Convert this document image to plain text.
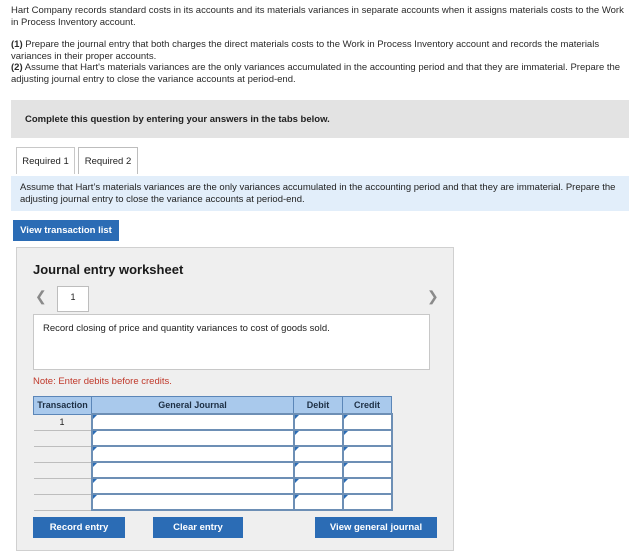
Hart Company records standard costs in its accounts and its materials variances in separate accounts when it assigns materials costs to the Work in Process Inventory account.

(1) Prepare the journal entry that both charges the direct materials costs to the Work in Process Inventory account and records the materials variances in their proper accounts.

(2) Assume that Hart's materials variances are the only variances accumulated in the accounting period and that they are immaterial. Prepare the adjusting journal entry to close the variance accounts at period-end.

Complete this question by entering your answers in the tabs below.
Required 1	Required 2
Assume that Hart’s materials variances are the only variances accumulated in the accounting period and that they are immaterial. Prepare the adjusting journal entry to close the variance accounts at period-end.
View transaction list
Journal entry worksheet
❮	1	❯
Record closing of price and quantity variances to cost of goods sold.
Note: Enter debits before credits.
Transaction	General Journal	Debit	Credit
1			

Record entry	Clear entry	View general journal
